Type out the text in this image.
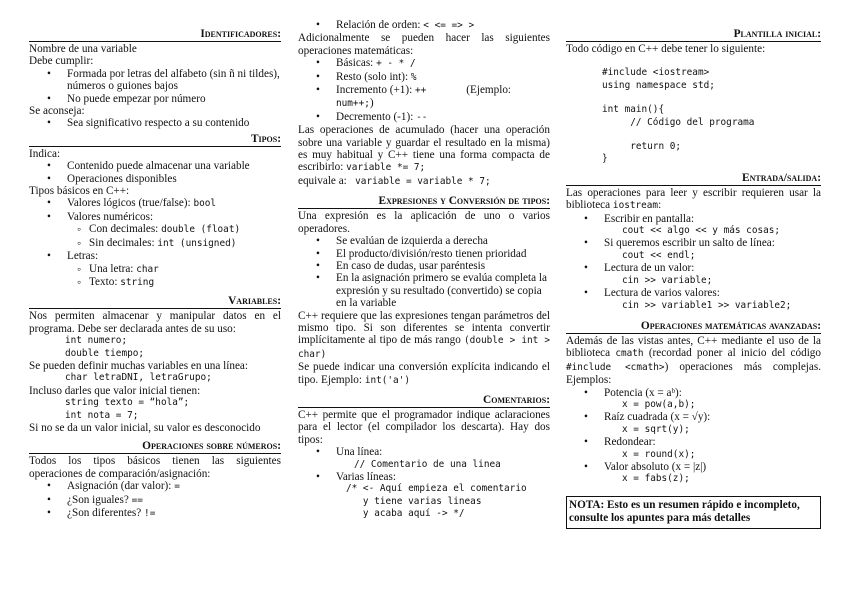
Identificadores:

Nombre de una variable

Debe cumplir:

• Formada por letras del alfabeto (sin ñ ni tildes), números o guiones bajos
• No puede empezar por número

Se aconseja:

• Sea significativo respecto a su contenido
Tipos:

Indica:

• Contenido puede almacenar una variable
• Operaciones disponibles

Tipos básicos en C++:

• Valores lógicos (true/false): bool
• Valores numéricos:
◦ Con decimales: double (float)
◦ Sin decimales: int (unsigned)
• Letras:
◦ Una letra: char
◦ Texto: string
Variables:

Nos permiten almacenar y manipular datos en el programa. Debe ser declarada antes de su uso:

int numero;
double tiempo;

Se pueden definir muchas variables en una línea:

char letraDNI, letraGrupo;

Incluso darles que valor inicial tienen:

string texto = “hola”;
int nota = 7;

Si no se da un valor inicial, su valor es desconocido

Operaciones sobre números:

Todos los tipos básicos tienen las siguientes operaciones de comparación/asignación:

• Asignación (dar valor): =
• ¿Son iguales? ==
• ¿Son diferentes? !=
• Relación de orden: < <= => >

Adicionalmente se pueden hacer las siguientes operaciones matemáticas:

• Básicas: + - * /
• Resto (solo int): %
• Incremento (+1): ++	(Ejemplo: num++;)
• Decremento (-1): --

Las operaciones de acumulado (hacer una operación sobre una variable y guardar el resultado en la misma) es muy habitual y C++ tiene una forma compacta de escribirlo: variable *= 7;

equivale a: variable = variable * 7;

Expresiones y Conversión de tipos:

Una expresión es la aplicación de uno o varios operadores.

• Se evalúan de izquierda a derecha
• El producto/división/resto tienen prioridad
• En caso de dudas, usar paréntesis
• En la asignación primero se evalúa completa la expresión y su resultado (convertido) se copia en la variable

C++ requiere que las expresiones tengan parámetros del mismo tipo. Si son diferentes se intenta convertir implícitamente al tipo de más rango (double > int > char)

Se puede indicar una conversión explícita indicando el tipo. Ejemplo: int('a')

Comentarios:

C++ permite que el programador indique aclaraciones para el lector (el compilador los descarta). Hay dos tipos:

• Una línea:
// Comentario de una linea
• Varias líneas:
/* <- Aquí empieza el comentario
y tiene varias lineas
y acaba aquí -> */
Plantilla inicial:

Todo código en C++ debe tener lo siguiente:

#include <iostream>
using namespace std;
int main(){
// Código del programa
return 0;
}
Entrada/salida:

Las operaciones para leer y escribir requieren usar la biblioteca iostream:

• Escribir en pantalla:
cout << algo << y más cosas;
• Si queremos escribir un salto de línea:
cout << endl;
• Lectura de un valor:
cin >> variable;
• Lectura de varios valores:
cin >> variable1 >> variable2;
Operaciones matemáticas avanzadas:

Además de las vistas antes, C++ mediante el uso de la biblioteca cmath (recordad poner al inicio del código #include <cmath>) operaciones más complejas. Ejemplos:

• Potencia (x = aᵇ):
x = pow(a,b);
• Raíz cuadrada (x = √y):
x = sqrt(y);
• Redondear:
x = round(x);
• Valor absoluto (x = |z|)
x = fabs(z);
NOTA: Esto es un resumen rápido e incompleto, consulte los apuntes para más detalles
